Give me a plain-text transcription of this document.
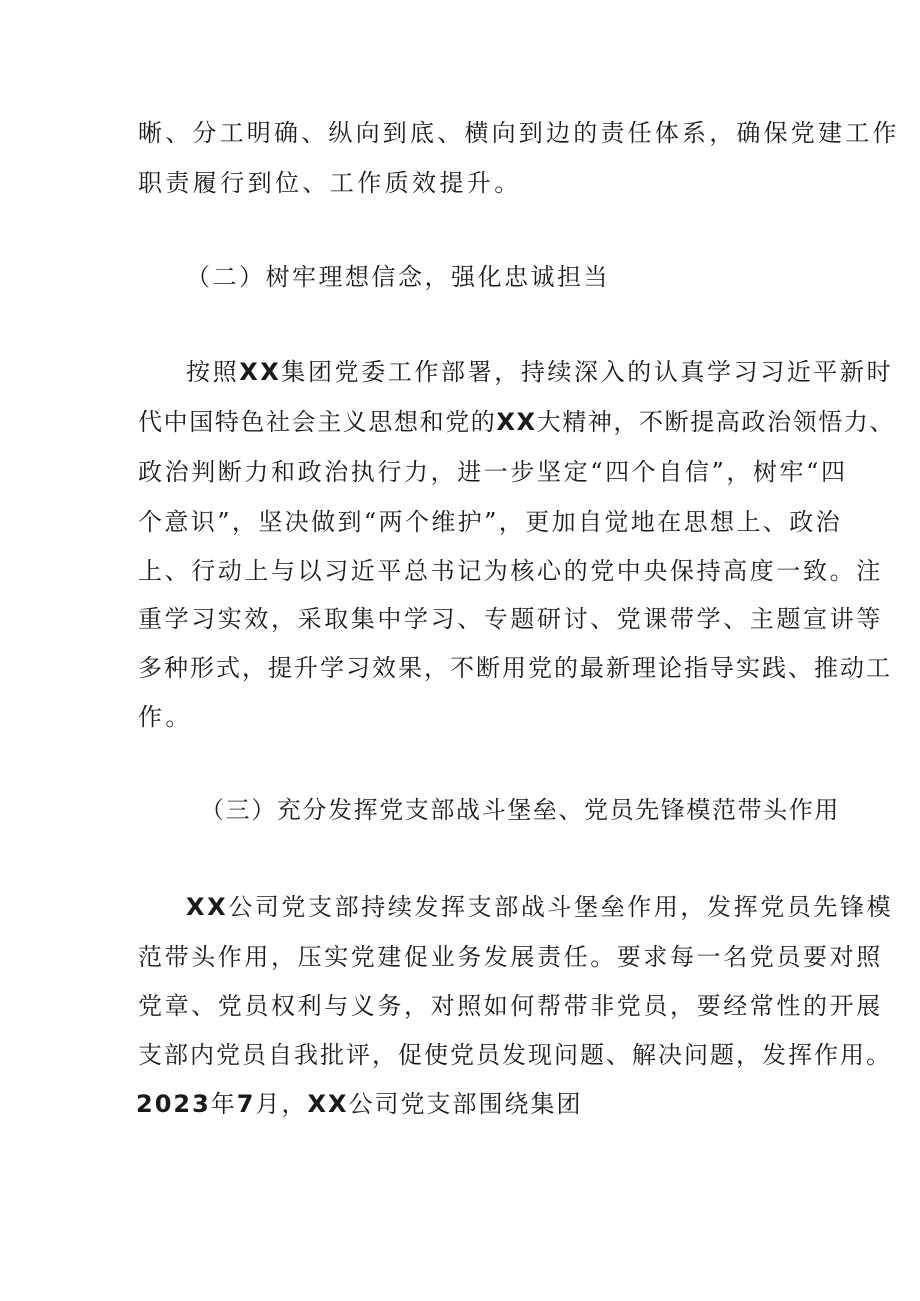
晰、分工明确、纵向到底、横向到边的责任体系，确保党建工作
职责履行到位、工作质效提升。
（二）树牢理想信念，强化忠诚担当
按照XX集团党委工作部署，持续深入的认真学习习近平新时
代中国特色社会主义思想和党的XX大精神，不断提高政治领悟力、
政治判断力和政治执行力，进一步坚定“四个自信”，树牢“四
个意识”，坚决做到“两个维护”，更加自觉地在思想上、政治
上、行动上与以习近平总书记为核心的党中央保持高度一致。注
重学习实效，采取集中学习、专题研讨、党课带学、主题宣讲等
多种形式，提升学习效果，不断用党的最新理论指导实践、推动工
作。
（三）充分发挥党支部战斗堡垒、党员先锋模范带头作用
XX公司党支部持续发挥支部战斗堡垒作用，发挥党员先锋模
范带头作用，压实党建促业务发展责任。要求每一名党员要对照
党章、党员权利与义务，对照如何帮带非党员，要经常性的开展
支部内党员自我批评，促使党员发现问题、解决问题，发挥作用。
2023年7月，XX公司党支部围绕集团
